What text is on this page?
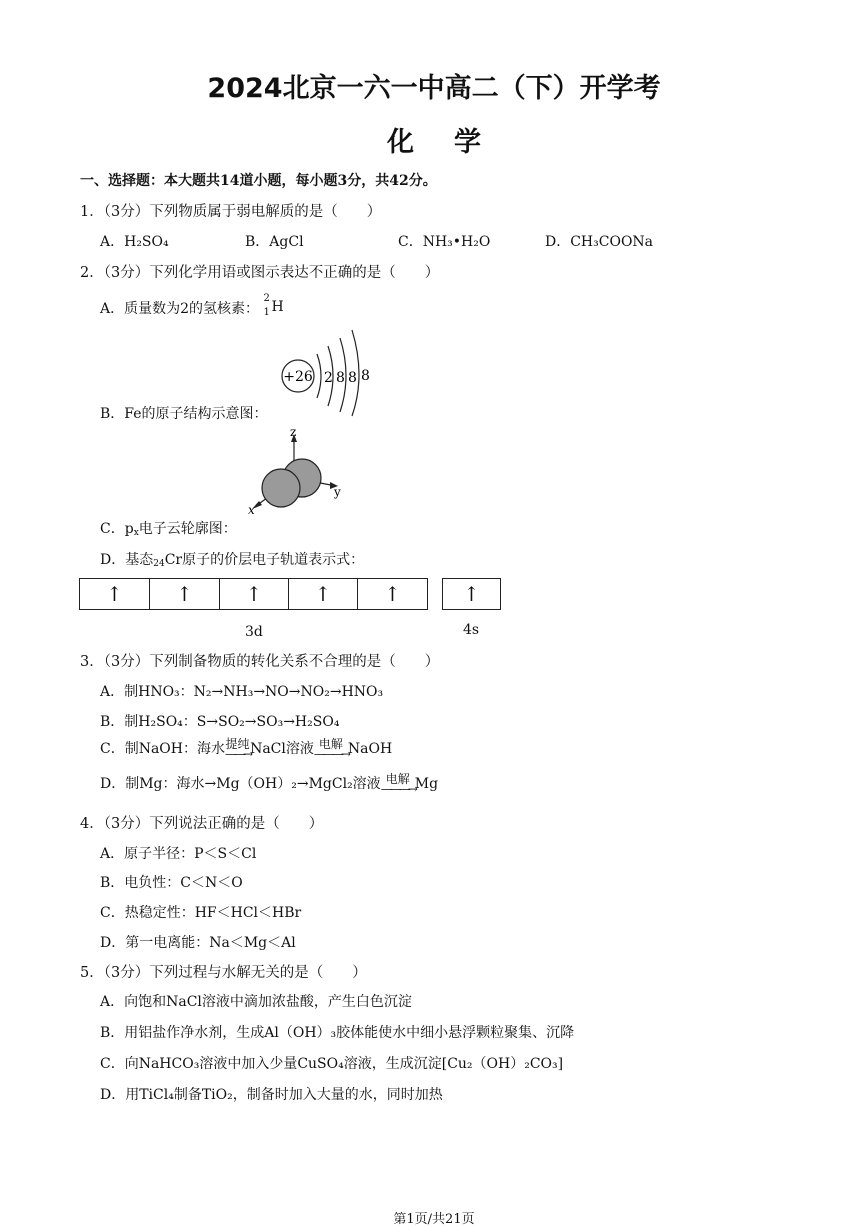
2024北京一六一中高二（下）开学考
化学
一、选择题：本大题共14道小题，每小题3分，共42分。
1．（3分）下列物质属于弱电解质的是（　　）
A．H₂SO₄	B．AgCl	C．NH₃•H₂O	D．CH₃COONa
2．（3分）下列化学用语或图示表达不正确的是（　　）
A．质量数为2的氢核素：
2
1 H
+26 2 8 8 8
B．Fe的原子结构示意图：
z
y
x
C．$p_x$电子云轮廓图：
D．基态$_{24}$Cr原子的价层电子轨道表示式：
↑	↑	↑	↑	↑	↑
3d	4s
3．（3分）下列制备物质的转化关系不合理的是（　　）
A．制HNO₃：N₂→NH₃→NO→NO₂→HNO₃
B．制H₂SO₄：S→SO₂→SO₃→H₂SO₄
C．制NaOH：海水 提纯
——→ NaCl溶液 电解
———→ NaOH
D．制Mg：海水→Mg（OH）₂→MgCl₂溶液 电解
———→ Mg
4．（3分）下列说法正确的是（　　）
A．原子半径：P＜S＜Cl
B．电负性：C＜N＜O
C．热稳定性：HF＜HCl＜HBr
D．第一电离能：Na＜Mg＜Al
5．（3分）下列过程与水解无关的是（　　）
A．向饱和NaCl溶液中滴加浓盐酸，产生白色沉淀
B．用铝盐作净水剂，生成Al（OH）₃胶体能使水中细小悬浮颗粒聚集、沉降
C．向NaHCO₃溶液中加入少量CuSO₄溶液，生成沉淀[Cu₂（OH）₂CO₃]
D．用TiCl₄制备TiO₂，制备时加入大量的水，同时加热
第1页/共21页
